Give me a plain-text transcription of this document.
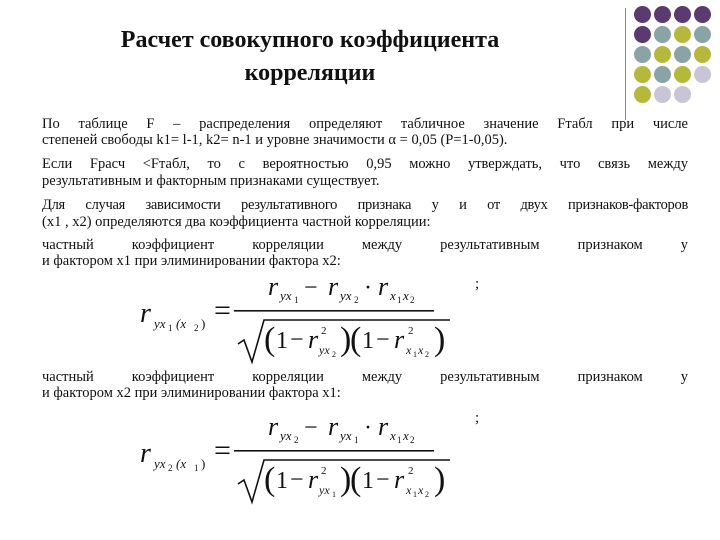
Расчет совокупного коэффициента
корреляции
По таблице F – распределения определяют табличное значение Fтабл при числе
степеней свободы k1= l-1, k2= n-1 и уровне значимости α = 0,05 (P=1-0,05).
Если Fрасч <Fтабл, то с вероятностью 0,95 можно утверждать, что связь между
результативным и факторным признаками существует.
Для случая зависимости результативного признака y и от двух признаков-факторов
(x1 , x2) определяются два коэффициента частной корреляции:
частный коэффициент корреляции между результативным признаком y
и фактором x1 при элиминировании фактора x2:
;
r yx 1 (x 2 ) =
r yx 1 − r yx 2 · r x 1 x 2
( 1 − r 2
yx 2 )
( 1 − r 2
x 1 x 2 )
частный коэффициент корреляции между результативным признаком y
и фактором x2 при элиминировании фактора x1:
;
r yx 2 (x 1 ) =
r yx 2 − r yx 1 · r x 1 x 2
( 1 − r 2
yx 1 )
( 1 − r 2
x 1 x 2 )
